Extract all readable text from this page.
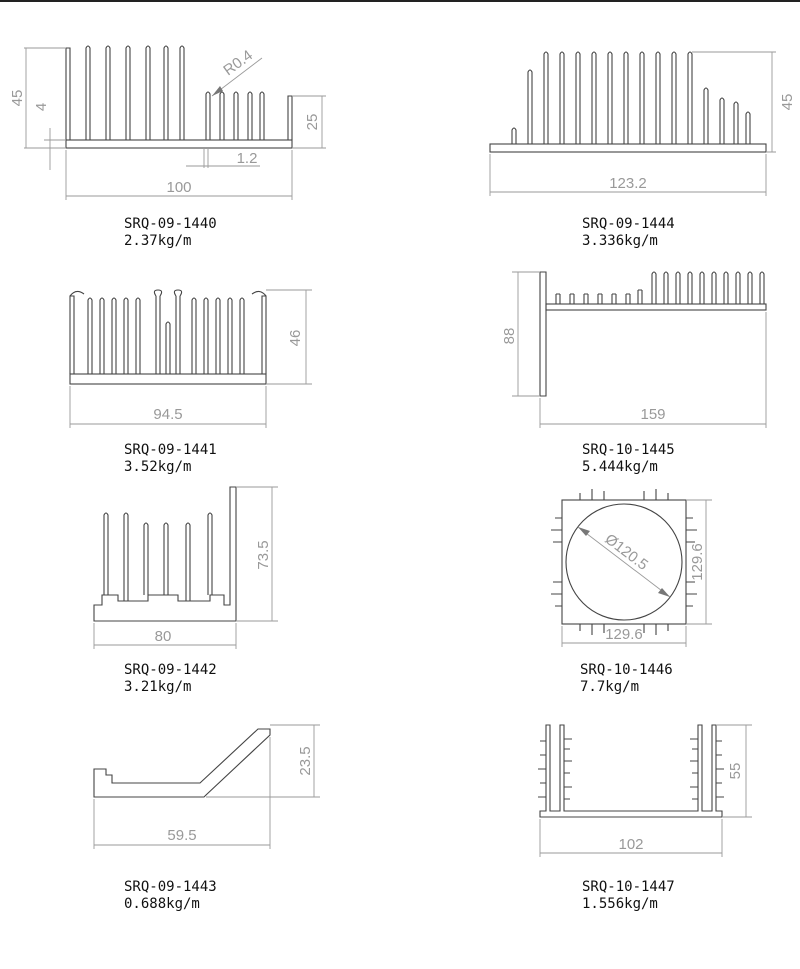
45
4
25
100
1.2
R0.4
SRQ-09-1440
2.37kg/m
45
123.2
SRQ-09-1444
3.336kg/m
46
94.5
SRQ-09-1441
3.52kg/m
88
159
SRQ-10-1445
5.444kg/m
73.5
80
SRQ-09-1442
3.21kg/m
Ø120.5	129.6
129.6
SRQ-10-1446
7.7kg/m
23.5
59.5
SRQ-09-1443
0.688kg/m
55
102
SRQ-10-1447
1.556kg/m
